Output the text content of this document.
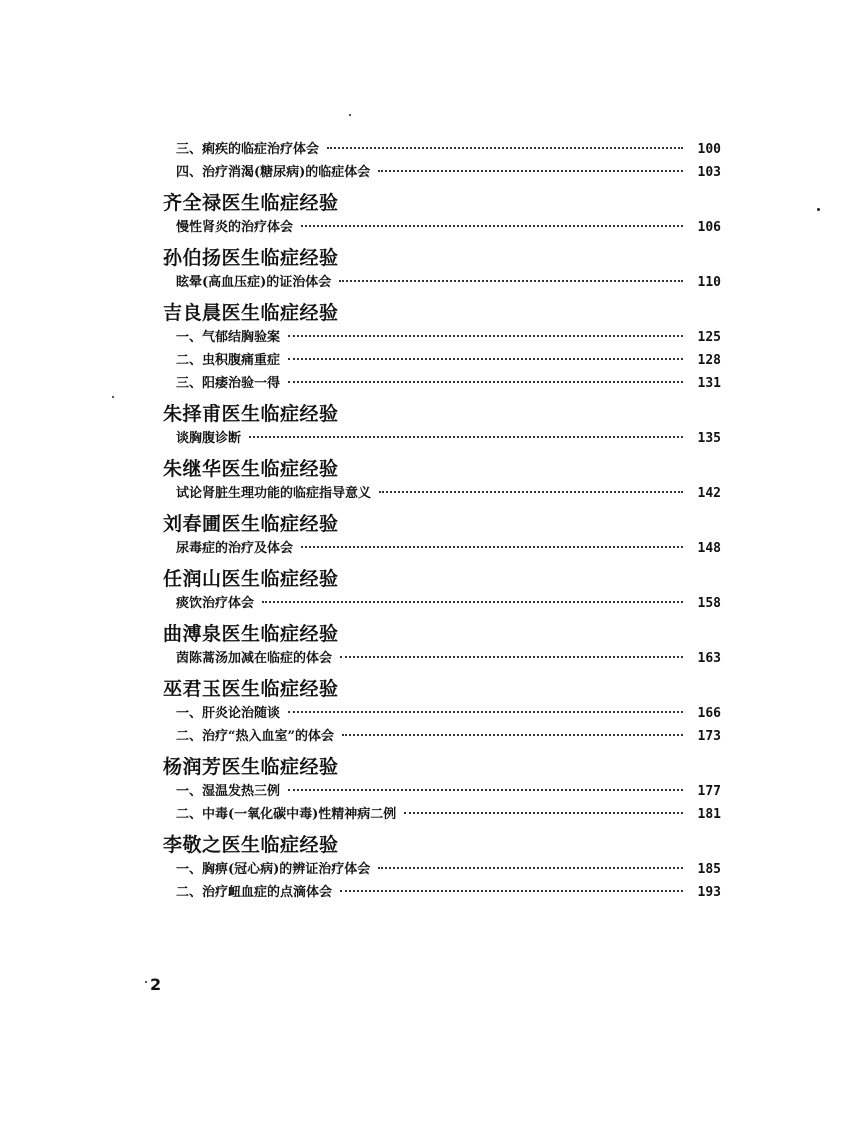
三、痢疾的临症治疗体会	100
四、治疗消渴(糖尿病)的临症体会	103
齐全禄医生临症经验
慢性肾炎的治疗体会	106
孙伯扬医生临症经验
眩晕(高血压症)的证治体会	110
吉良晨医生临症经验
一、气郁结胸验案	125
二、虫积腹痛重症	128
三、阳痿治验一得	131
朱择甫医生临症经验
谈胸腹诊断	135
朱继华医生临症经验
试论肾脏生理功能的临症指导意义	142
刘春圃医生临症经验
尿毒症的治疗及体会	148
任润山医生临症经验
痰饮治疗体会	158
曲溥泉医生临症经验
茵陈蒿汤加减在临症的体会	163
巫君玉医生临症经验
一、肝炎论治随谈	166
二、治疗“热入血室”的体会	173
杨润芳医生临症经验
一、湿温发热三例	177
二、中毒(一氧化碳中毒)性精神病二例	181
李敬之医生临症经验
一、胸痹(冠心病)的辨证治疗体会	185
二、治疗衄血症的点滴体会	193
2
